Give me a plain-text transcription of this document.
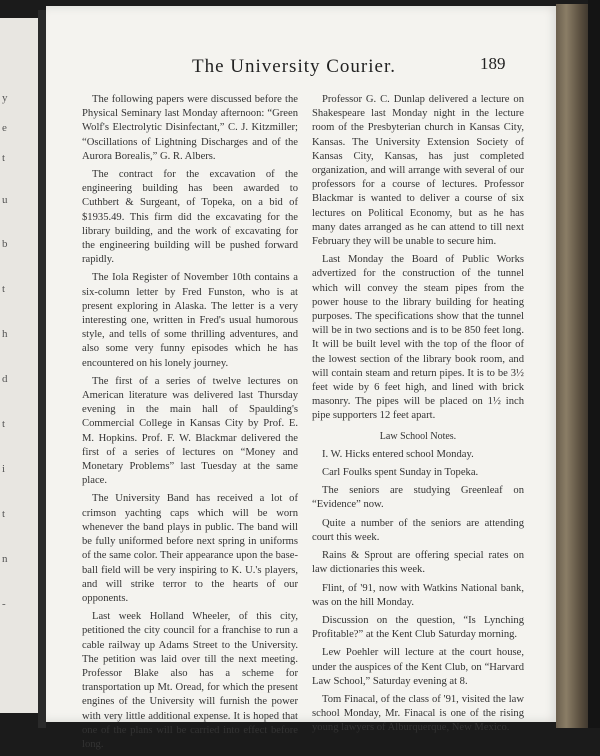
y
e
t
u
b
t
h
d
t
i
t
n
-
The University Courier.	189

The following papers were discussed before the Physical Seminary last Monday afternoon: “Green Wolf's Electrolytic Disinfectant,” C. J. Kitzmiller; “Oscillations of Lightning Discharges and of the Aurora Borealis,” G. R. Albers.

The contract for the excavation of the engineering building has been awarded to Cuthbert & Surgeant, of Topeka, on a bid of $1935.49. This firm did the excavating for the library building, and the work of excavating for the engineering building will be pushed forward rapidly.

The Iola Register of November 10th contains a six-column letter by Fred Funston, who is at present exploring in Alaska. The letter is a very interesting one, written in Fred's usual humorous style, and tells of some thrilling adventures, and also some very funny episodes which he has encountered on his lonely journey.

The first of a series of twelve lectures on American literature was delivered last Thursday evening in the main hall of Spaulding's Commercial College in Kansas City by Prof. E. M. Hopkins. Prof. F. W. Blackmar delivered the first of a series of lectures on “Money and Monetary Problems” last Tuesday at the same place.

The University Band has received a lot of crimson yachting caps which will be worn whenever the band plays in public. The band will be fully uniformed before next spring in uniforms of the same color. Their appearance upon the base-ball field will be very inspiring to K. U.'s players, and will strike terror to the hearts of our opponents.

Last week Holland Wheeler, of this city, petitioned the city council for a franchise to run a cable railway up Adams Street to the University. The petition was laid over till the next meeting. Professor Blake also has a scheme for transportation up Mt. Oread, for which the present engines of the University will furnish the power with very little additional expense. It is hoped that one of the plans will be carried into effect before long.

Professor G. C. Dunlap delivered a lecture on Shakespeare last Monday night in the lecture room of the Presbyterian church in Kansas City, Kansas. The University Extension Society of Kansas City, Kansas, has just completed organization, and will arrange with several of our professors for a course of lectures. Professor Blackmar is wanted to deliver a course of six lectures on Political Economy, but as he has many dates arranged as he can attend to till next February they will be unable to secure him.

Last Monday the Board of Public Works advertized for the construction of the tunnel which will convey the steam pipes from the power house to the library building for heating purposes. The specifications show that the tunnel will be in two sections and is to be 850 feet long. It will be built level with the top of the floor of the lowest section of the library book room, and will contain steam and return pipes. It is to be 3½ feet wide by 6 feet high, and lined with brick masonry. The pipes will be placed on 1½ inch pipe supporters 12 feet apart.

Law School Notes.

I. W. Hicks entered school Monday.

Carl Foulks spent Sunday in Topeka.

The seniors are studying Greenleaf on “Evidence” now.

Quite a number of the seniors are attending court this week.

Rains & Sprout are offering special rates on law dictionaries this week.

Flint, of '91, now with Watkins National bank, was on the hill Monday.

Discussion on the question, “Is Lynching Profitable?” at the Kent Club Saturday morning.

Lew Poehler will lecture at the court house, under the auspices of the Kent Club, on “Harvard Law School,” Saturday evening at 8.

Tom Finacal, of the class of '91, visited the law school Monday, Mr. Finacal is one of the rising young lawyers of Alburquerque, New Mexico.
